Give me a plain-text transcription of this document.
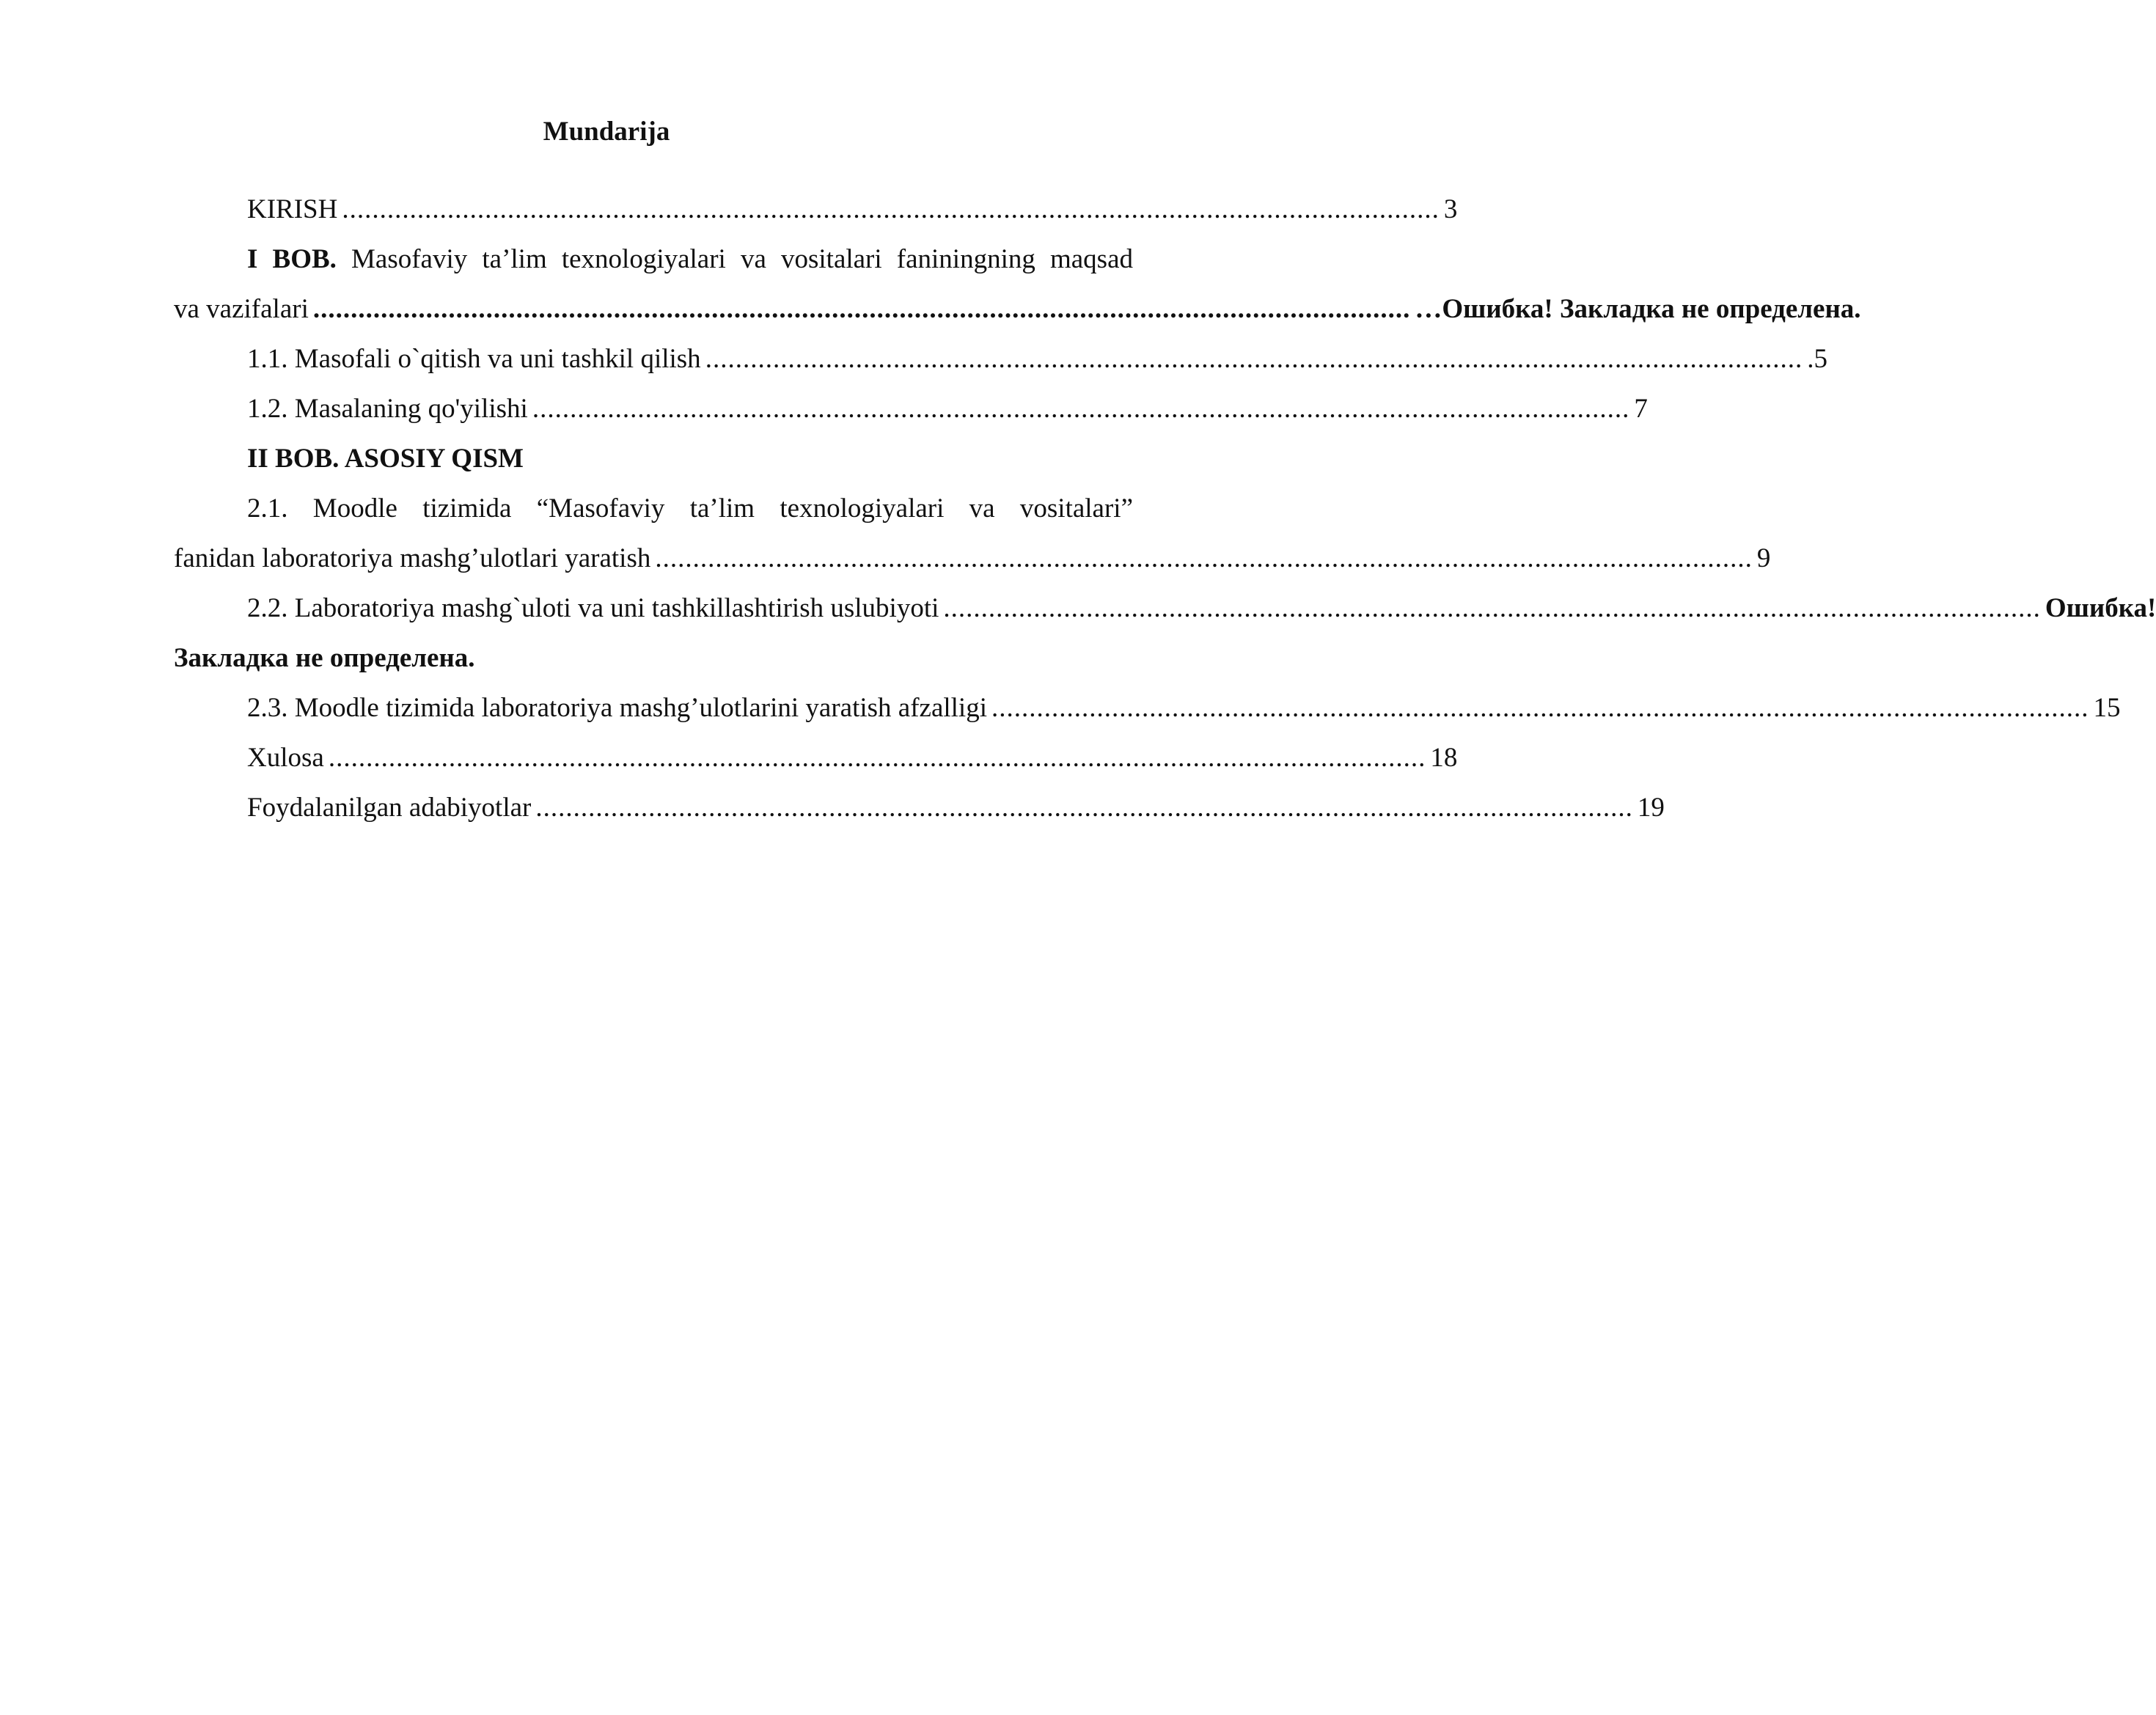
Mundarija
KIRISH .................................................................................................................................................. 3
I BOB. Masofaviy ta’lim texnologiyalari va vositalari faniningning maqsad
va vazifalari .................................................................................................................................................. …Ошибка! Закладка не определена.
1.1. Masofali o`qitish va uni tashkil qilish .................................................................................................................................................. .5
1.2. Masalaning qo'yilishi .................................................................................................................................................. 7
II BOB. ASOSIY QISM
2.1. Moodle tizimida “Masofaviy ta’lim texnologiyalari va vositalari”
fanidan laboratoriya mashg’ulotlari yaratish .................................................................................................................................................. 9
2.2. Laboratoriya mashg`uloti va uni tashkillashtirish uslubiyoti .................................................................................................................................................. Ошибка!
Закладка не определена.
2.3. Moodle tizimida laboratoriya mashg’ulotlarini yaratish afzalligi .................................................................................................................................................. 15
Xulosa .................................................................................................................................................. 18
Foydalanilgan adabiyotlar .................................................................................................................................................. 19
